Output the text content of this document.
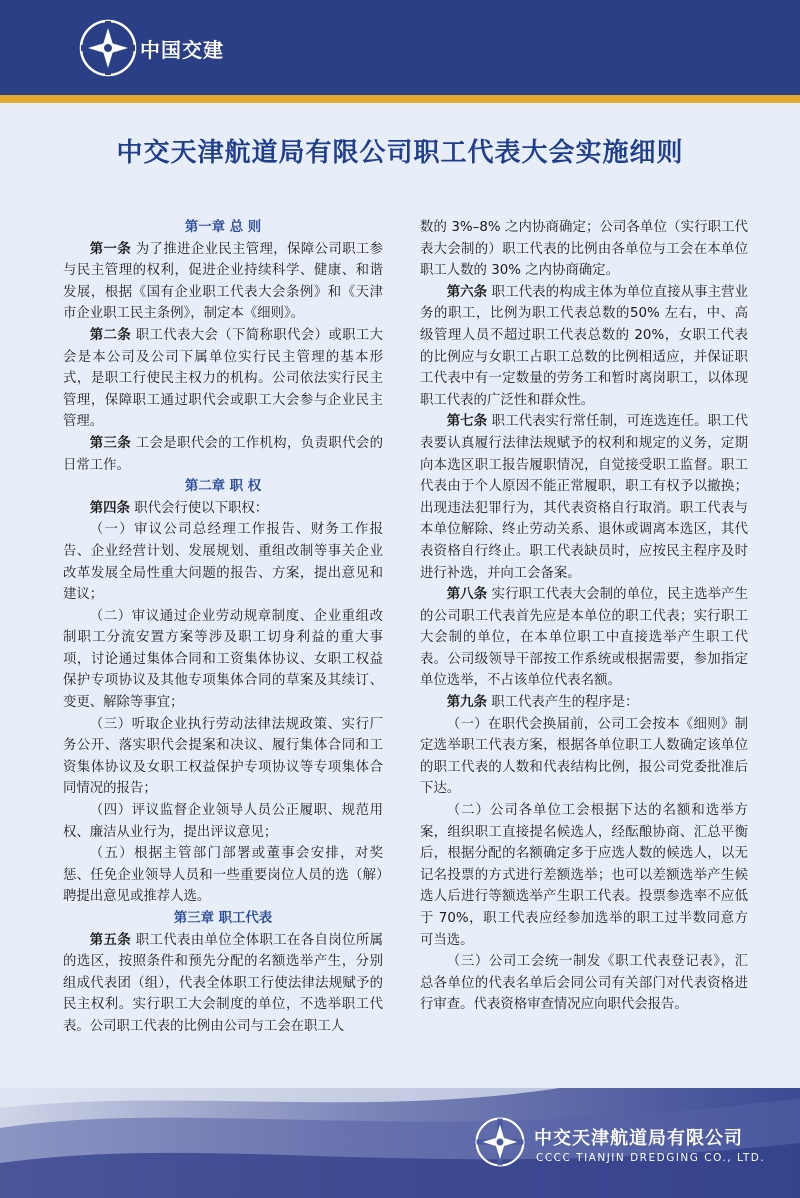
中国交建
中交天津航道局有限公司职工代表大会实施细则
第一章 总 则

第一条 为了推进企业民主管理，保障公司职工参与民主管理的权利，促进企业持续科学、健康、和谐发展，根据《国有企业职工代表大会条例》和《天津市企业职工民主条例》，制定本《细则》。

第二条 职工代表大会（下简称职代会）或职工大会是本公司及公司下属单位实行民主管理的基本形式，是职工行使民主权力的机构。公司依法实行民主管理，保障职工通过职代会或职工大会参与企业民主管理。

第三条 工会是职代会的工作机构，负责职代会的日常工作。

第二章 职 权

第四条 职代会行使以下职权：

（一）审议公司总经理工作报告、财务工作报告、企业经营计划、发展规划、重组改制等事关企业改革发展全局性重大问题的报告、方案，提出意见和建议；

（二）审议通过企业劳动规章制度、企业重组改制职工分流安置方案等涉及职工切身利益的重大事项，讨论通过集体合同和工资集体协议、女职工权益保护专项协议及其他专项集体合同的草案及其续订、变更、解除等事宜；

（三）听取企业执行劳动法律法规政策、实行厂务公开、落实职代会提案和决议、履行集体合同和工资集体协议及女职工权益保护专项协议等专项集体合同情况的报告；

（四）评议监督企业领导人员公正履职、规范用权、廉洁从业行为，提出评议意见；

（五）根据主管部门部署或董事会安排，对奖惩、任免企业领导人员和一些重要岗位人员的选（解）聘提出意见或推荐人选。

第三章 职工代表

第五条 职工代表由单位全体职工在各自岗位所属的选区，按照条件和预先分配的名额选举产生，分别组成代表团（组），代表全体职工行使法律法规赋予的民主权利。实行职工大会制度的单位，不选举职工代表。公司职工代表的比例由公司与工会在职工人

数的 3%–8% 之内协商确定；公司各单位（实行职工代表大会制的）职工代表的比例由各单位与工会在本单位职工人数的 30% 之内协商确定。

第六条 职工代表的构成主体为单位直接从事主营业务的职工，比例为职工代表总数的50% 左右，中、高级管理人员不超过职工代表总数的 20%，女职工代表的比例应与女职工占职工总数的比例相适应，并保证职工代表中有一定数量的劳务工和暂时离岗职工，以体现职工代表的广泛性和群众性。

第七条 职工代表实行常任制，可连选连任。职工代表要认真履行法律法规赋予的权利和规定的义务，定期向本选区职工报告履职情况，自觉接受职工监督。职工代表由于个人原因不能正常履职，职工有权予以撤换；出现违法犯罪行为，其代表资格自行取消。职工代表与本单位解除、终止劳动关系、退休或调离本选区，其代表资格自行终止。职工代表缺员时，应按民主程序及时进行补选，并向工会备案。

第八条 实行职工代表大会制的单位，民主选举产生的公司职工代表首先应是本单位的职工代表；实行职工大会制的单位，在本单位职工中直接选举产生职工代表。公司级领导干部按工作系统或根据需要，参加指定单位选举，不占该单位代表名额。

第九条 职工代表产生的程序是：

（一）在职代会换届前，公司工会按本《细则》制定选举职工代表方案，根据各单位职工人数确定该单位的职工代表的人数和代表结构比例，报公司党委批准后下达。

（二）公司各单位工会根据下达的名额和选举方案，组织职工直接提名候选人，经酝酿协商、汇总平衡后，根据分配的名额确定多于应选人数的候选人，以无记名投票的方式进行差额选举；也可以差额选举产生候选人后进行等额选举产生职工代表。投票参选率不应低于 70%，职工代表应经参加选举的职工过半数同意方可当选。

（三）公司工会统一制发《职工代表登记表》，汇总各单位的代表名单后会同公司有关部门对代表资格进行审查。代表资格审查情况应向职代会报告。

中交天津航道局有限公司
CCCC TIANJIN DREDGING CO., LTD.
